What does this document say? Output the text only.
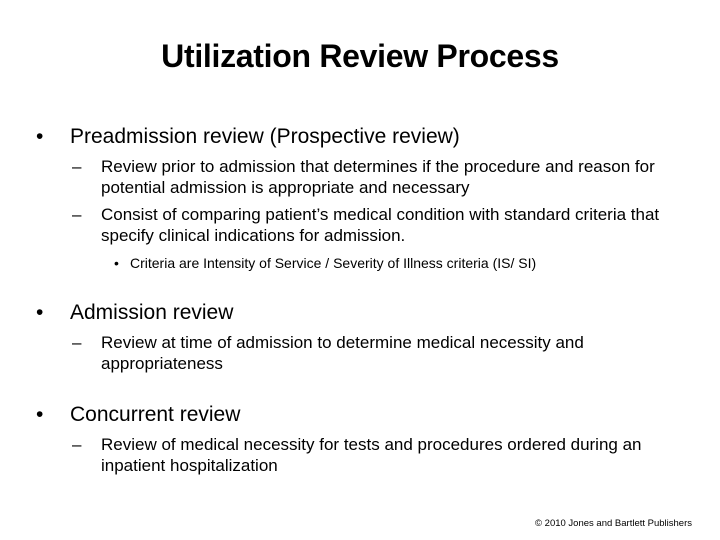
Utilization Review Process
• Preadmission review (Prospective review)
– Review prior to admission that determines if the procedure and reason for potential admission is appropriate and necessary
– Consist of comparing patient’s medical condition with standard criteria that specify clinical indications for admission.
• Criteria are Intensity of Service / Severity of Illness criteria (IS/ SI)
• Admission review
– Review at time of admission to determine medical necessity and appropriateness
• Concurrent review
– Review of medical necessity for tests and procedures ordered during an inpatient hospitalization
© 2010 Jones and Bartlett Publishers
